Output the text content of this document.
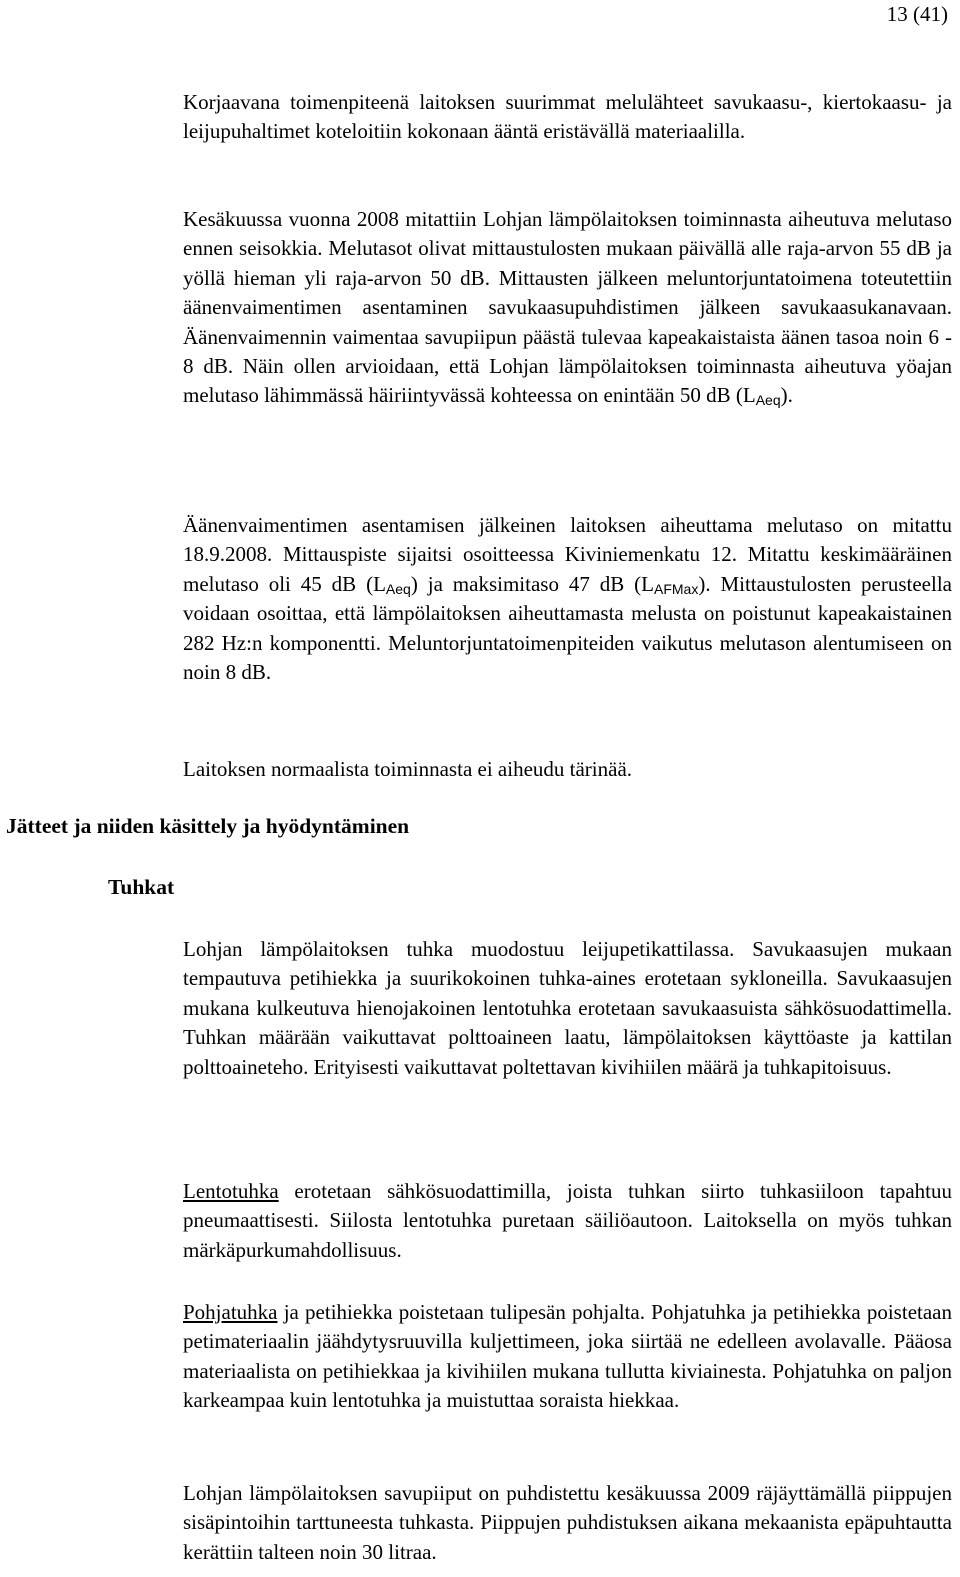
13 (41)

Korjaavana toimenpiteenä laitoksen suurimmat melulähteet savukaasu-, kiertokaasu- ja leijupuhaltimet koteloitiin kokonaan ääntä eristävällä materiaalilla.

Kesäkuussa vuonna 2008 mitattiin Lohjan lämpölaitoksen toiminnasta aiheutuva melutaso ennen seisokkia. Melutasot olivat mittaustulosten mukaan päivällä alle raja-arvon 55 dB ja yöllä hieman yli raja-arvon 50 dB. Mittausten jälkeen meluntorjuntatoimena toteutettiin äänenvaimentimen asentaminen savukaasupuhdistimen jälkeen savukaasukanavaan. Äänenvaimennin vaimentaa savupiipun päästä tulevaa kapeakaistaista äänen tasoa noin 6 - 8 dB. Näin ollen arvioidaan, että Lohjan lämpölaitoksen toiminnasta aiheutuva yöajan melutaso lähimmässä häiriintyvässä kohteessa on enintään 50 dB $(L_{Aeq})$.

Äänenvaimentimen asentamisen jälkeinen laitoksen aiheuttama melutaso on mitattu 18.9.2008. Mittauspiste sijaitsi osoitteessa Kiviniemenkatu 12. Mitattu keskimääräinen melutaso oli 45 dB $(L_{Aeq})$ ja maksimitaso 47 dB $(L_{AFMax})$. Mittaustulosten perusteella voidaan osoittaa, että lämpölaitoksen aiheuttamasta melusta on poistunut kapeakaistainen 282 Hz:n komponentti. Meluntorjuntatoimenpiteiden vaikutus melutason alentumiseen on noin 8 dB.

Laitoksen normaalista toiminnasta ei aiheudu tärinää.

Jätteet ja niiden käsittely ja hyödyntäminen
Tuhkat

Lohjan lämpölaitoksen tuhka muodostuu leijupetikattilassa. Savukaasujen mukaan tempautuva petihiekka ja suurikokoinen tuhka-aines erotetaan sykloneilla. Savukaasujen mukana kulkeutuva hienojakoinen lentotuhka erotetaan savukaasuista sähkösuodattimella. Tuhkan määrään vaikuttavat polttoaineen laatu, lämpölaitoksen käyttöaste ja kattilan polttoaineteho. Erityisesti vaikuttavat poltettavan kivihiilen määrä ja tuhkapitoisuus.

Lentotuhka erotetaan sähkösuodattimilla, joista tuhkan siirto tuhkasiiloon tapahtuu pneumaattisesti. Siilosta lentotuhka puretaan säiliöautoon. Laitoksella on myös tuhkan märkäpurkumahdollisuus.

Pohjatuhka ja petihiekka poistetaan tulipesän pohjalta. Pohjatuhka ja petihiekka poistetaan petimateriaalin jäähdytysruuvilla kuljettimeen, joka siirtää ne edelleen avolavalle. Pääosa materiaalista on petihiekkaa ja kivihiilen mukana tullutta kiviainesta. Pohjatuhka on paljon karkeampaa kuin lentotuhka ja muistuttaa soraista hiekkaa.

Lohjan lämpölaitoksen savupiiput on puhdistettu kesäkuussa 2009 räjäyttämällä piippujen sisäpintoihin tarttuneesta tuhkasta. Piippujen puhdistuksen aikana mekaanista epäpuhtautta kerättiin talteen noin 30 litraa.
